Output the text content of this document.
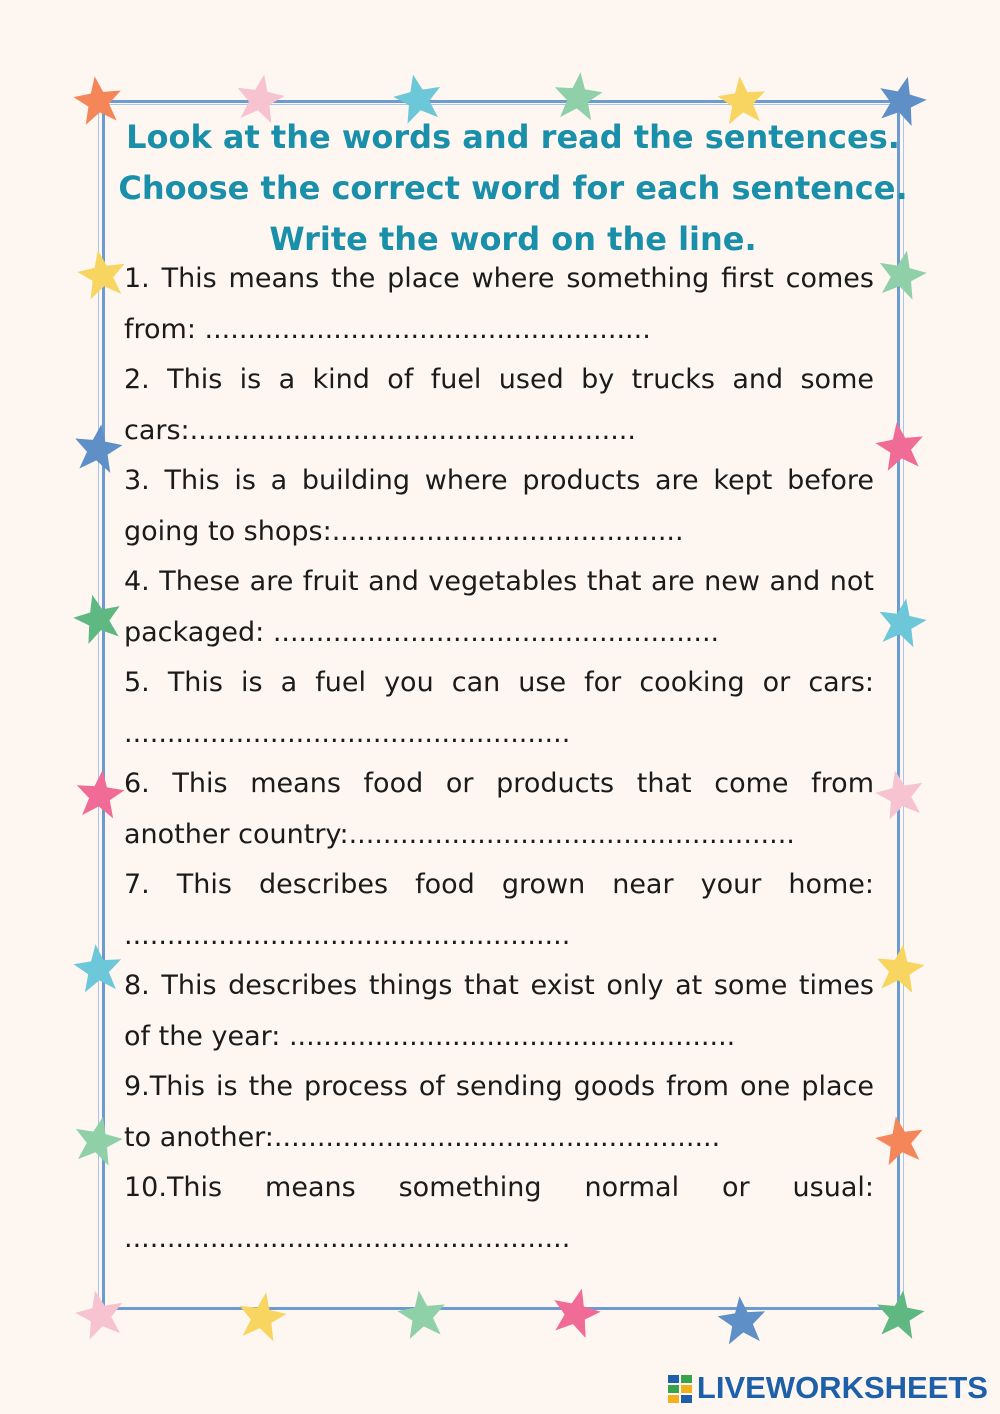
Look at the words and read the sentences.
Choose the correct word for each sentence.
Write the word on the line.
1. This means the place where something first comes from: ....................................................
2. This is a kind of fuel used by trucks and some cars:....................................................
3. This is a building where products are kept before going to shops:.........................................
4. These are fruit and vegetables that are new and not packaged: ....................................................
5. This is a fuel you can use for cooking or cars: ....................................................
6. This means food or products that come from another country:....................................................
7. This describes food grown near your home: ....................................................
8. This describes things that exist only at some times of the year: ....................................................
9.This is the process of sending goods from one place to another:....................................................
10.This means something normal or usual: ....................................................
LIVEWORKSHEETS
